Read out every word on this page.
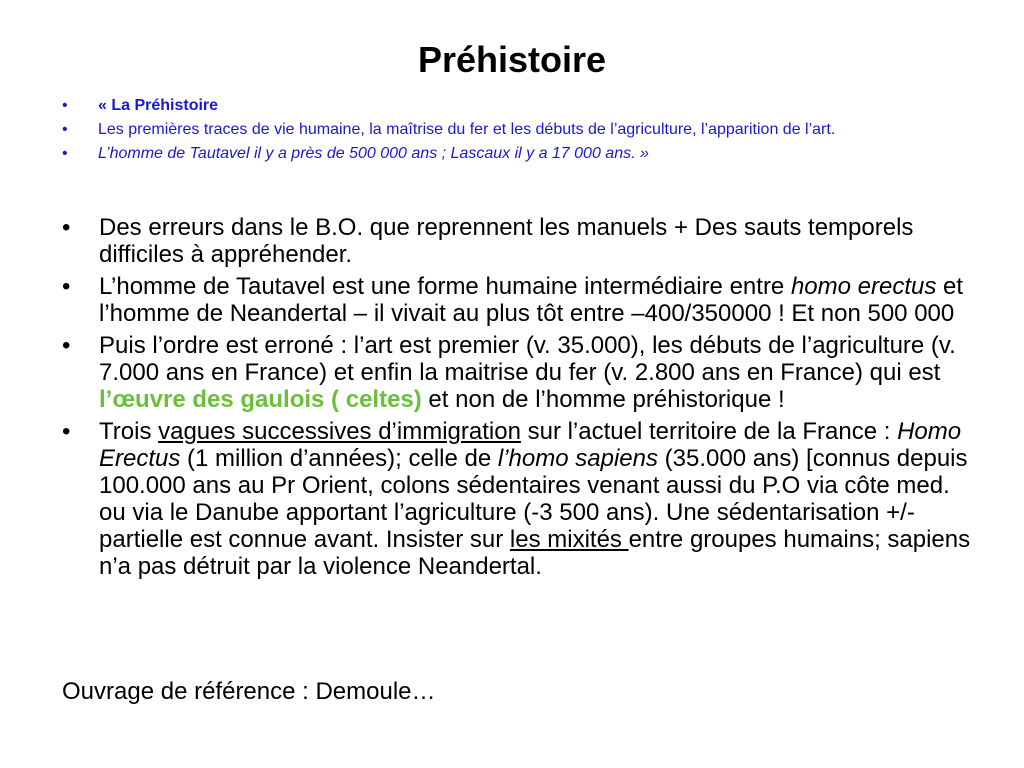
Préhistoire
• « La Préhistoire
• Les premières traces de vie humaine, la maîtrise du fer et les débuts de l’agriculture, l’apparition de l’art.
• L’homme de Tautavel il y a près de 500 000 ans ; Lascaux il y a 17 000 ans. »
• Des erreurs dans le B.O. que reprennent les manuels + Des sauts temporels difficiles à appréhender.
• L’homme de Tautavel est une forme humaine intermédiaire entre homo erectus et l’homme de Neandertal – il vivait au plus tôt entre –400/350000 ! Et non 500 000
• Puis l’ordre est erroné : l’art est premier (v. 35.000), les débuts de l’agriculture (v. 7.000 ans en France) et enfin la maitrise du fer (v. 2.800 ans en France) qui est l’œuvre des gaulois ( celtes) et non de l’homme préhistorique !
• Trois vagues successives d’immigration sur l’actuel territoire de la France : Homo Erectus (1 million d’années); celle de l’homo sapiens (35.000 ans) [connus depuis 100.000 ans au Pr Orient, colons sédentaires venant aussi du P.O via côte med. ou via le Danube apportant l’agriculture (-3 500 ans). Une sédentarisation +/- partielle est connue avant. Insister sur les mixités entre groupes humains; sapiens n’a pas détruit par la violence Neandertal.
Ouvrage de référence : Demoule…
